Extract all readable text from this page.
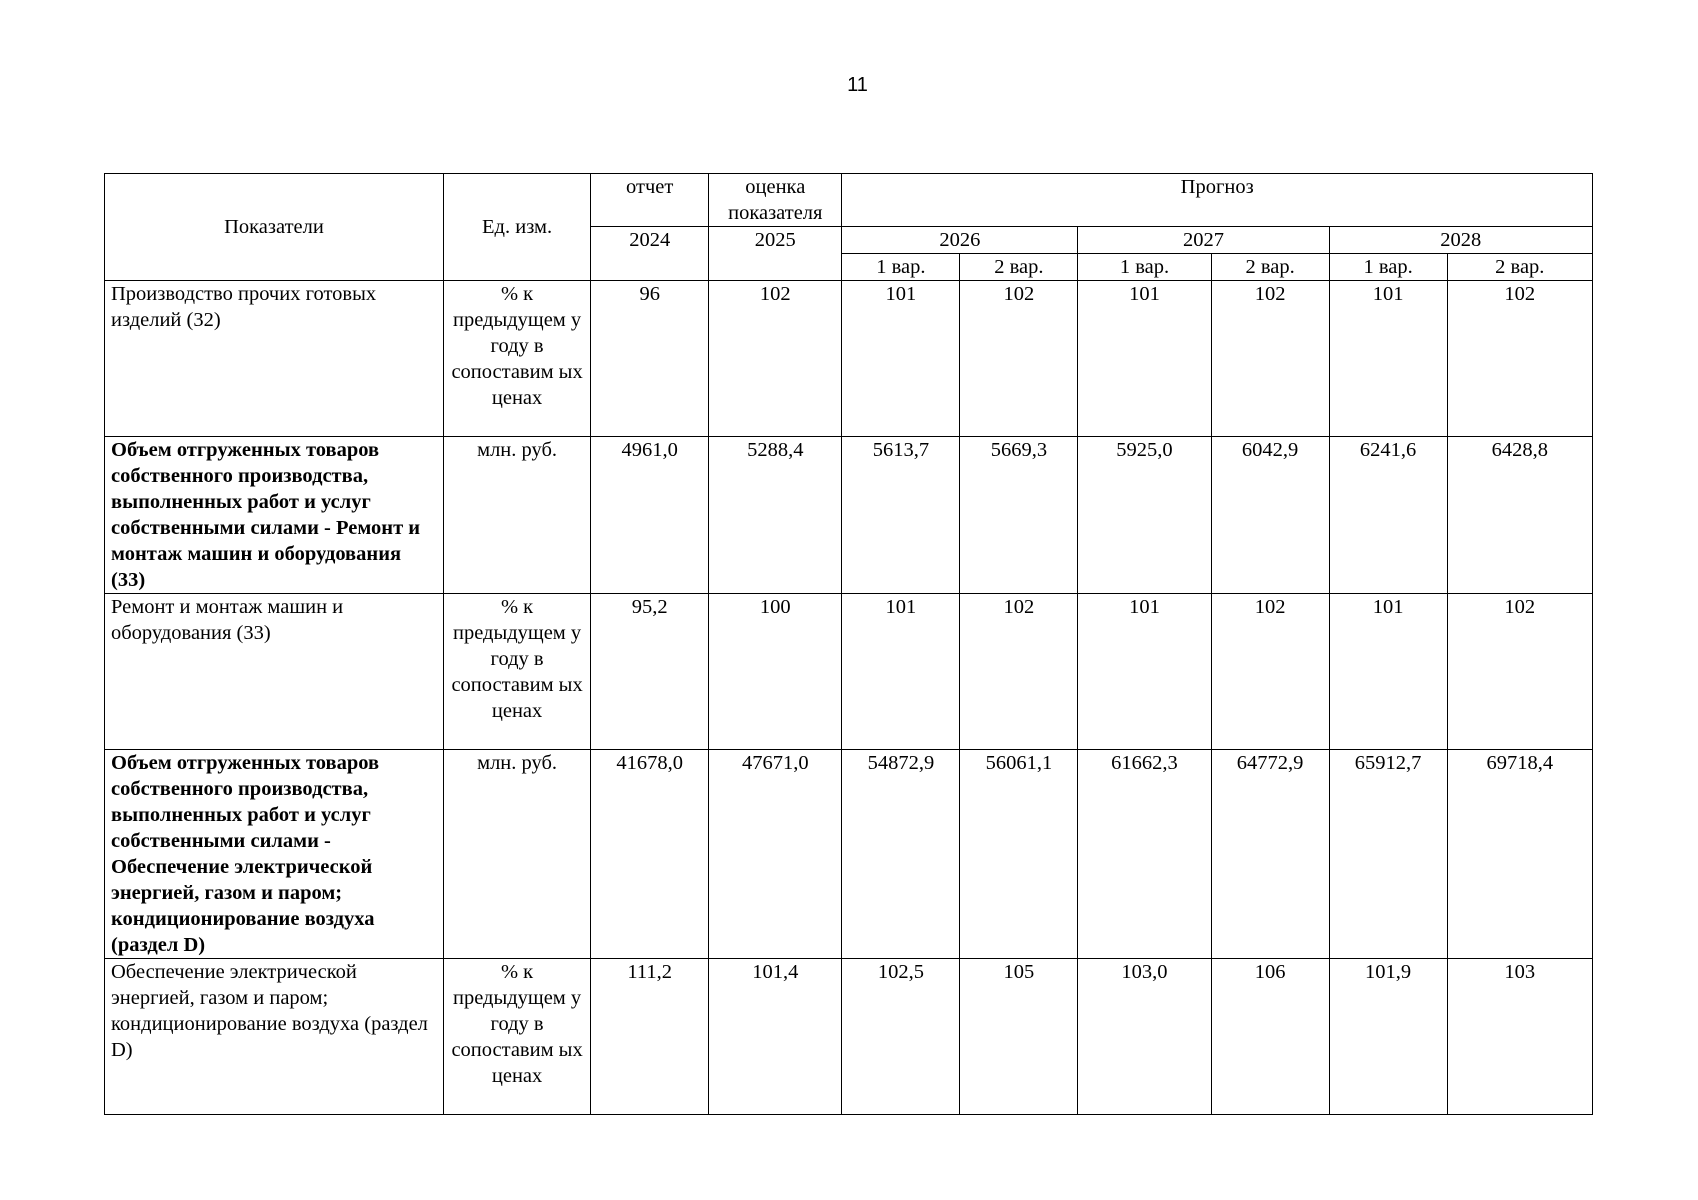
11
Показатели	Ед. изм.	отчет	оценка показателя	Прогноз					
		2024	2025	2026		2027		2028	
				1 вар.	2 вар.	1 вар.	2 вар.	1 вар.	2 вар.
Производство прочих готовых изделий (32)	% к предыдущем у году в сопоставим ых ценах	96	102	101	102	101	102	101	102
Объем отгруженных товаров собственного производства, выполненных работ и услуг собственными силами - Ремонт и монтаж машин и оборудования (33)	млн. руб.	4961,0	5288,4	5613,7	5669,3	5925,0	6042,9	6241,6	6428,8
Ремонт и монтаж машин и оборудования (33)	% к предыдущем у году в сопоставим ых ценах	95,2	100	101	102	101	102	101	102
Объем отгруженных товаров собственного производства, выполненных работ и услуг собственными силами - Обеспечение электрической энергией, газом и паром; кондиционирование воздуха (раздел D)	млн. руб.	41678,0	47671,0	54872,9	56061,1	61662,3	64772,9	65912,7	69718,4
Обеспечение электрической энергией, газом и паром; кондиционирование воздуха (раздел D)	% к предыдущем у году в сопоставим ых ценах	111,2	101,4	102,5	105	103,0	106	101,9	103
